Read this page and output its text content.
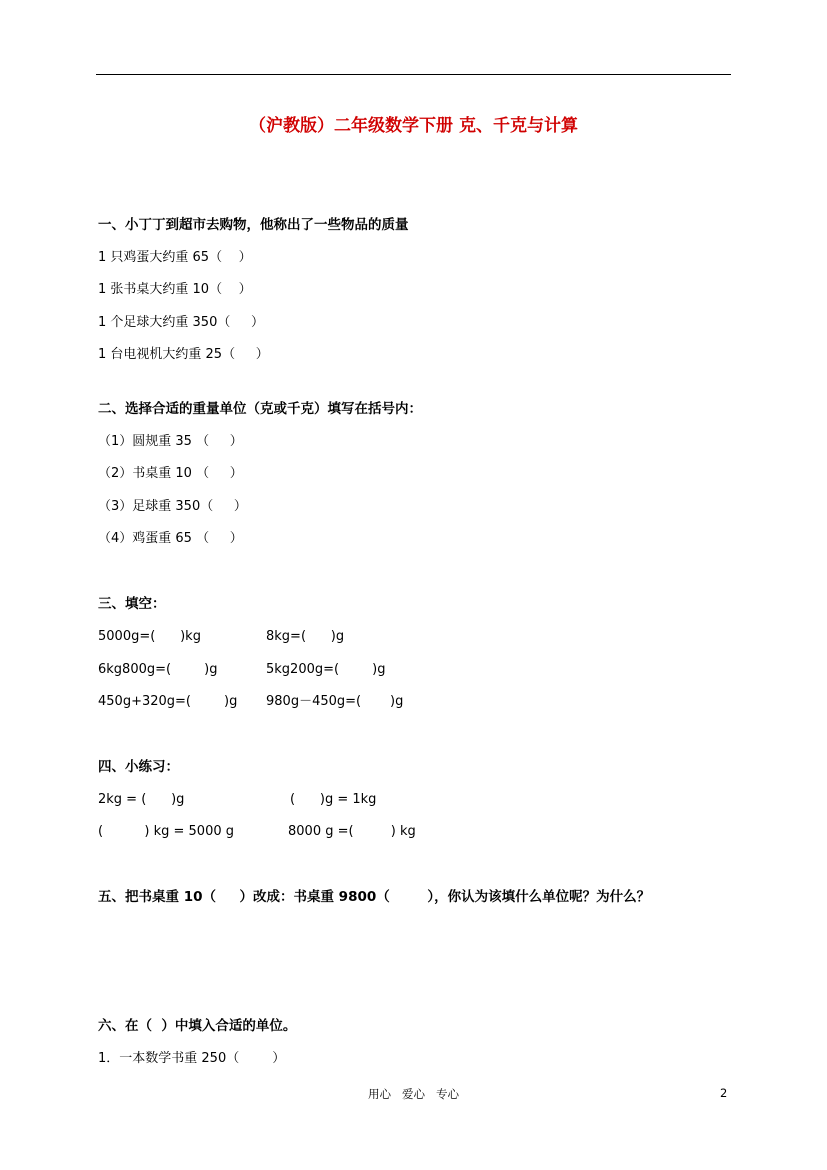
（沪教版）二年级数学下册 克、千克与计算
一、小丁丁到超市去购物，他称出了一些物品的质量
1 只鸡蛋大约重 65（    ）
1 张书桌大约重 10（    ）
1 个足球大约重 350（     ）
1 台电视机大约重 25（     ）
二、选择合适的重量单位（克或千克）填写在括号内：
（1）圆规重 35 （     ）
（2）书桌重 10 （     ）
（3）足球重 350（     ）
（4）鸡蛋重 65 （     ）
三、填空：
5000g=(      )kg	8kg=(      )g
6kg800g=(        )g	5kg200g=(        )g
450g+320g=(        )g 980g－450g=(       )g
四、小练习：
2kg = (      )g	(      )g = 1kg
(          ) kg = 5000 g	8000 g =(         ) kg
五、把书桌重 10（     ）改成：书桌重 9800（        ），你认为该填什么单位呢？为什么？
六、在（  ）中填入合适的单位。
1．一本数学书重 250（        ）
用心   爱心   专心	2
